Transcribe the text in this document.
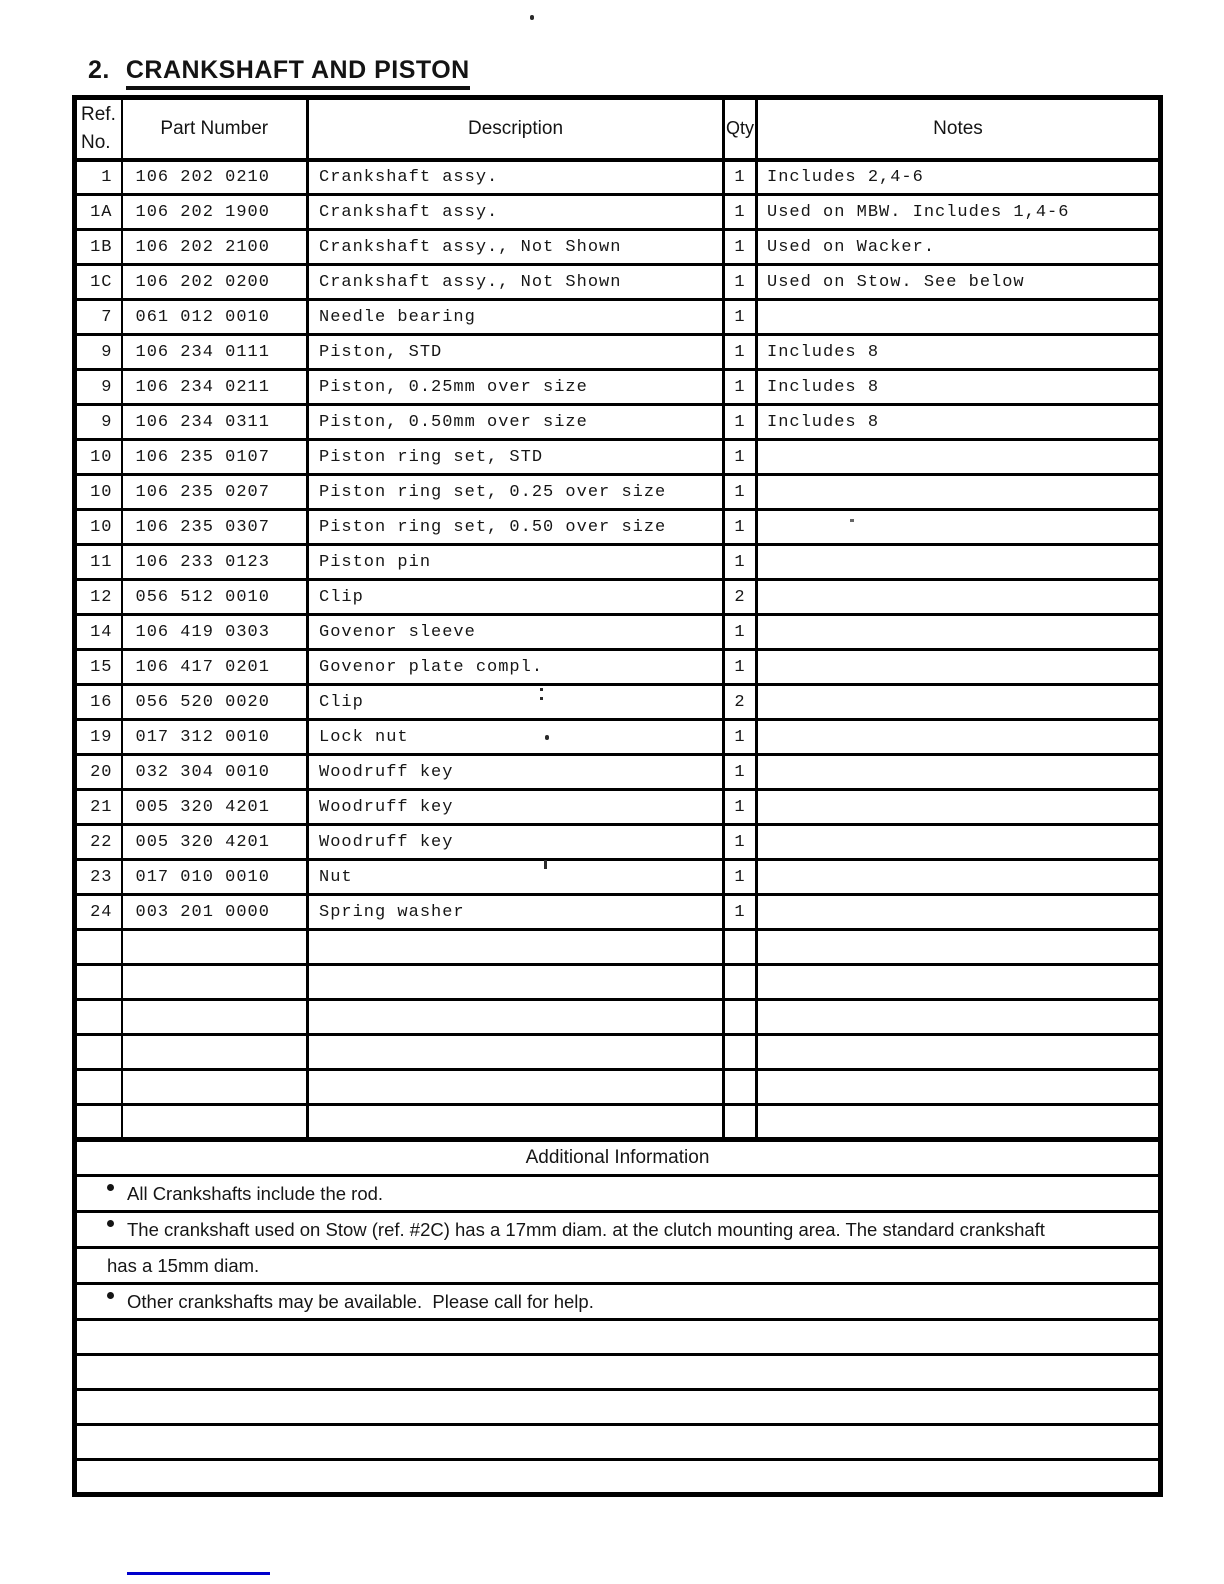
2. CRANKSHAFT AND PISTON
Ref.
No.	Part Number	Description	Qty	Notes
1	106 202 0210	Crankshaft assy.	1	Includes 2,4-6
1A	106 202 1900	Crankshaft assy.	1	Used on MBW. Includes 1,4-6
1B	106 202 2100	Crankshaft assy., Not Shown	1	Used on Wacker.
1C	106 202 0200	Crankshaft assy., Not Shown	1	Used on Stow. See below
7	061 012 0010	Needle bearing	1	
9	106 234 0111	Piston, STD	1	Includes 8
9	106 234 0211	Piston, 0.25mm over size	1	Includes 8
9	106 234 0311	Piston, 0.50mm over size	1	Includes 8
10	106 235 0107	Piston ring set, STD	1	
10	106 235 0207	Piston ring set, 0.25 over size	1	
10	106 235 0307	Piston ring set, 0.50 over size	1	
11	106 233 0123	Piston pin	1	
12	056 512 0010	Clip	2	
14	106 419 0303	Govenor sleeve	1	
15	106 417 0201	Govenor plate compl.	1	
16	056 520 0020	Clip	2	
19	017 312 0010	Lock nut	1	
20	032 304 0010	Woodruff key	1	
21	005 320 4201	Woodruff key	1	
22	005 320 4201	Woodruff key	1	
23	017 010 0010	Nut	1	
24	003 201 0000	Spring washer	1	

Additional Information				
All Crankshafts include the rod.				
The crankshaft used on Stow (ref. #2C) has a 17mm diam. at the clutch mounting area. The standard crankshaft				
has a 15mm diam.				
Other crankshafts may be available.  Please call for help.				
